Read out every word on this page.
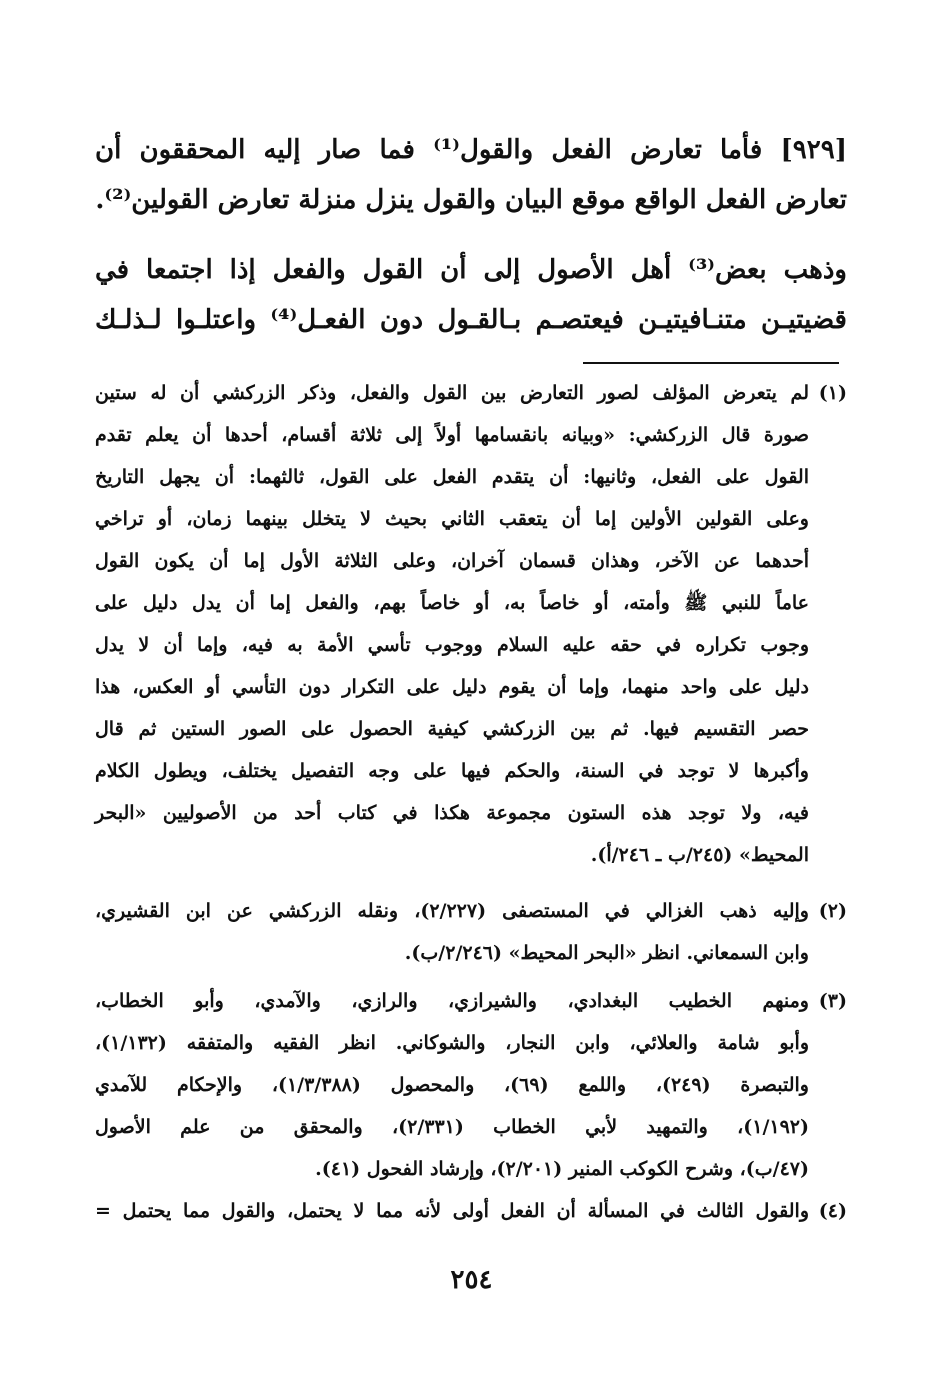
[٩٢٩] فأما تعارض الفعل والقول⁽¹⁾ فما صار إليه المحققون أن
تعارض الفعل الواقع موقع البيان والقول ينزل منزلة تعارض القولين⁽²⁾.
وذهب بعض⁽³⁾ أهل الأصول إلى أن القول والفعل إذا اجتمعا في
قضيتيـن متنـافيتيـن فيعتصـم بـالقـول دون الفعـل⁽⁴⁾ واعتلـوا لـذلـك
(١)
لم يتعرض المؤلف لصور التعارض بين القول والفعل، وذكر الزركشي أن له ستين
صورة قال الزركشي: «وبيانه بانقسامها أولاً إلى ثلاثة أقسام، أحدها أن يعلم تقدم
القول على الفعل، وثانيها: أن يتقدم الفعل على القول، ثالثهما: أن يجهل التاريخ
وعلى القولين الأولين إما أن يتعقب الثاني بحيث لا يتخلل بينهما زمان، أو تراخي
أحدهما عن الآخر، وهذان قسمان آخران، وعلى الثلاثة الأول إما أن يكون القول
عاماً للنبي ﷺ وأمته، أو خاصاً به، أو خاصاً بهم، والفعل إما أن يدل دليل على
وجوب تكراره في حقه عليه السلام ووجوب تأسي الأمة به فيه، وإما أن لا يدل
دليل على واحد منهما، وإما أن يقوم دليل على التكرار دون التأسي أو العكس، هذا
حصر التقسيم فيها. ثم بين الزركشي كيفية الحصول على الصور الستين ثم قال
وأكبرها لا توجد في السنة، والحكم فيها على وجه التفصيل يختلف، ويطول الكلام
فيه، ولا توجد هذه الستون مجموعة هكذا في كتاب أحد من الأصوليين «البحر
المحيط» (٢٤٥/ب ـ ٢٤٦/أ).
(٢)
وإليه ذهب الغزالي في المستصفى (٢/٢٢٧)، ونقله الزركشي عن ابن القشيري،
وابن السمعاني. انظر «البحر المحيط» (٢/٢٤٦/ب).
(٣)
ومنهم الخطيب البغدادي، والشيرازي، والرازي، والآمدي، وأبو الخطاب،
وأبو شامة والعلائي، وابن النجار، والشوكاني. انظر الفقيه والمتفقه (١/١٣٢)،
والتبصرة (٢٤٩)، واللمع (٦٩)، والمحصول (١/٣/٣٨٨)، والإحكام للآمدي
(١/١٩٢)، والتمهيد لأبي الخطاب (٢/٣٣١)، والمحقق من علم الأصول
(٤٧/ب)، وشرح الكوكب المنير (٢/٢٠١)، وإرشاد الفحول (٤١).
(٤)
والقول الثالث في المسألة أن الفعل أولى لأنه مما لا يحتمل، والقول مما يحتمل =
٢٥٤
